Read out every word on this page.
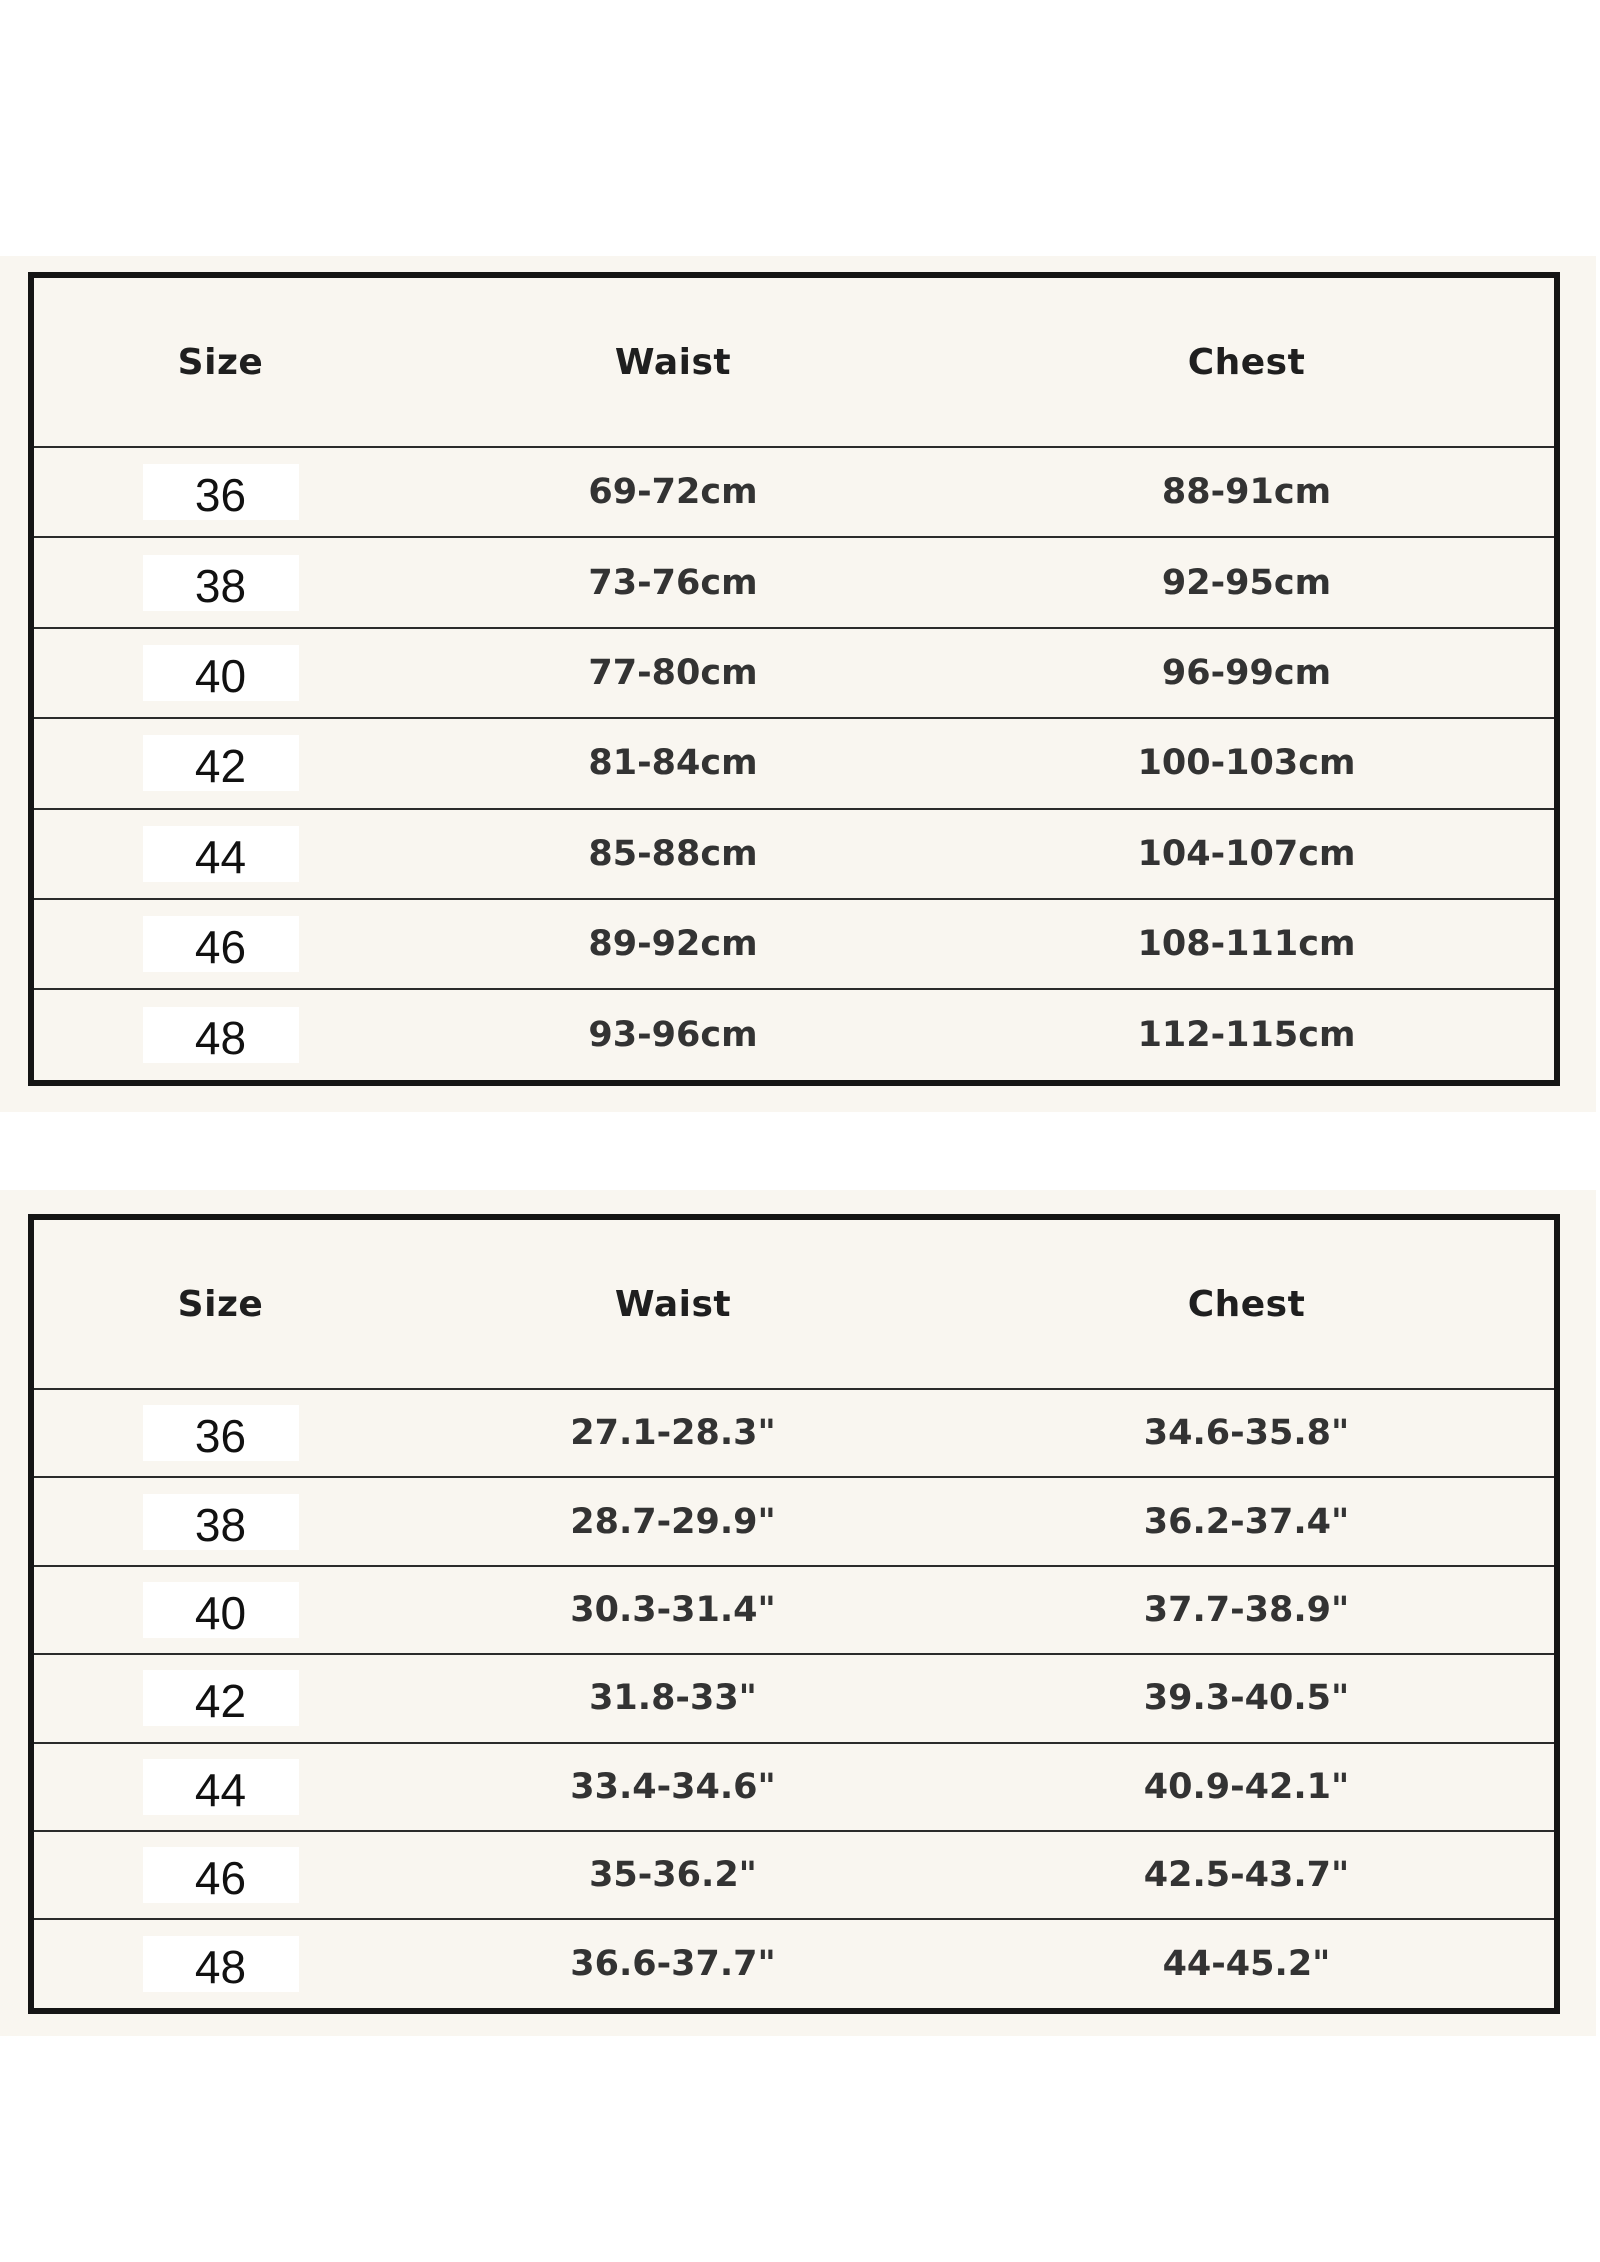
Size	Waist	Chest
36	69-72cm	88-91cm
38	73-76cm	92-95cm
40	77-80cm	96-99cm
42	81-84cm	100-103cm
44	85-88cm	104-107cm
46	89-92cm	108-111cm
48	93-96cm	112-115cm
Size	Waist	Chest
36	27.1-28.3"	34.6-35.8"
38	28.7-29.9"	36.2-37.4"
40	30.3-31.4"	37.7-38.9"
42	31.8-33"	39.3-40.5"
44	33.4-34.6"	40.9-42.1"
46	35-36.2"	42.5-43.7"
48	36.6-37.7"	44-45.2"
